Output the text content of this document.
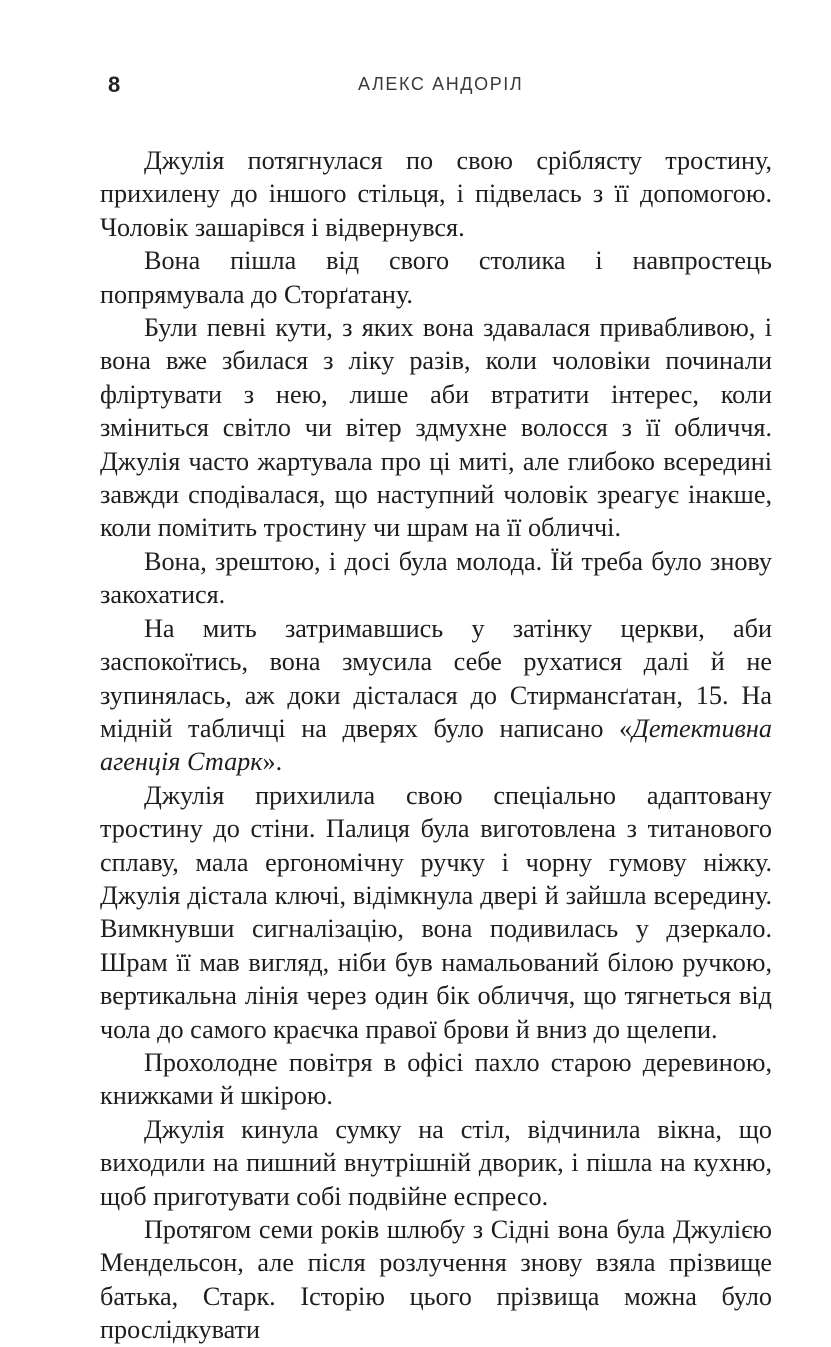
8	АЛЕКС АНДОРІЛ

Джулія потягнулася по свою сріблясту тростину, прихилену до іншого стільця, і підвелась з її допомогою. Чоловік зашарівся і відвернувся.

Вона пішла від свого столика і навпростець попрямувала до Сторґатану.

Були певні кути, з яких вона здавалася привабливою, і вона вже збилася з ліку разів, коли чоловіки починали фліртувати з нею, лише аби втратити інтерес, коли зміниться світло чи вітер здмухне волосся з її обличчя. Джулія часто жартувала про ці миті, але глибоко всередині завжди сподівалася, що наступний чоловік зреагує інакше, коли помітить тростину чи шрам на її обличчі.

Вона, зрештою, і досі була молода. Їй треба було знову закохатися.

На мить затримавшись у затінку церкви, аби заспокоїтись, вона змусила себе рухатися далі й не зупинялась, аж доки дісталася до Стирмансґатан, 15. На мідній табличці на дверях було написано «Детективна агенція Старк».

Джулія прихилила свою спеціально адаптовану тростину до стіни. Палиця була виготовлена з титанового сплаву, мала ергономічну ручку і чорну гумову ніжку. Джулія дістала ключі, відімкнула двері й зайшла всередину. Вимкнувши сигналізацію, вона подивилась у дзеркало. Шрам її мав вигляд, ніби був намальований білою ручкою, вертикальна лінія через один бік обличчя, що тягнеться від чола до самого краєчка правої брови й вниз до щелепи.

Прохолодне повітря в офісі пахло старою деревиною, книжками й шкірою.

Джулія кинула сумку на стіл, відчинила вікна, що виходили на пишний внутрішній дворик, і пішла на кухню, щоб приготувати собі подвійне еспресо.

Протягом семи років шлюбу з Сідні вона була Джулією Мендельсон, але після розлучення знову взяла прізвище батька, Старк. Історію цього прізвища можна було прослідкувати
